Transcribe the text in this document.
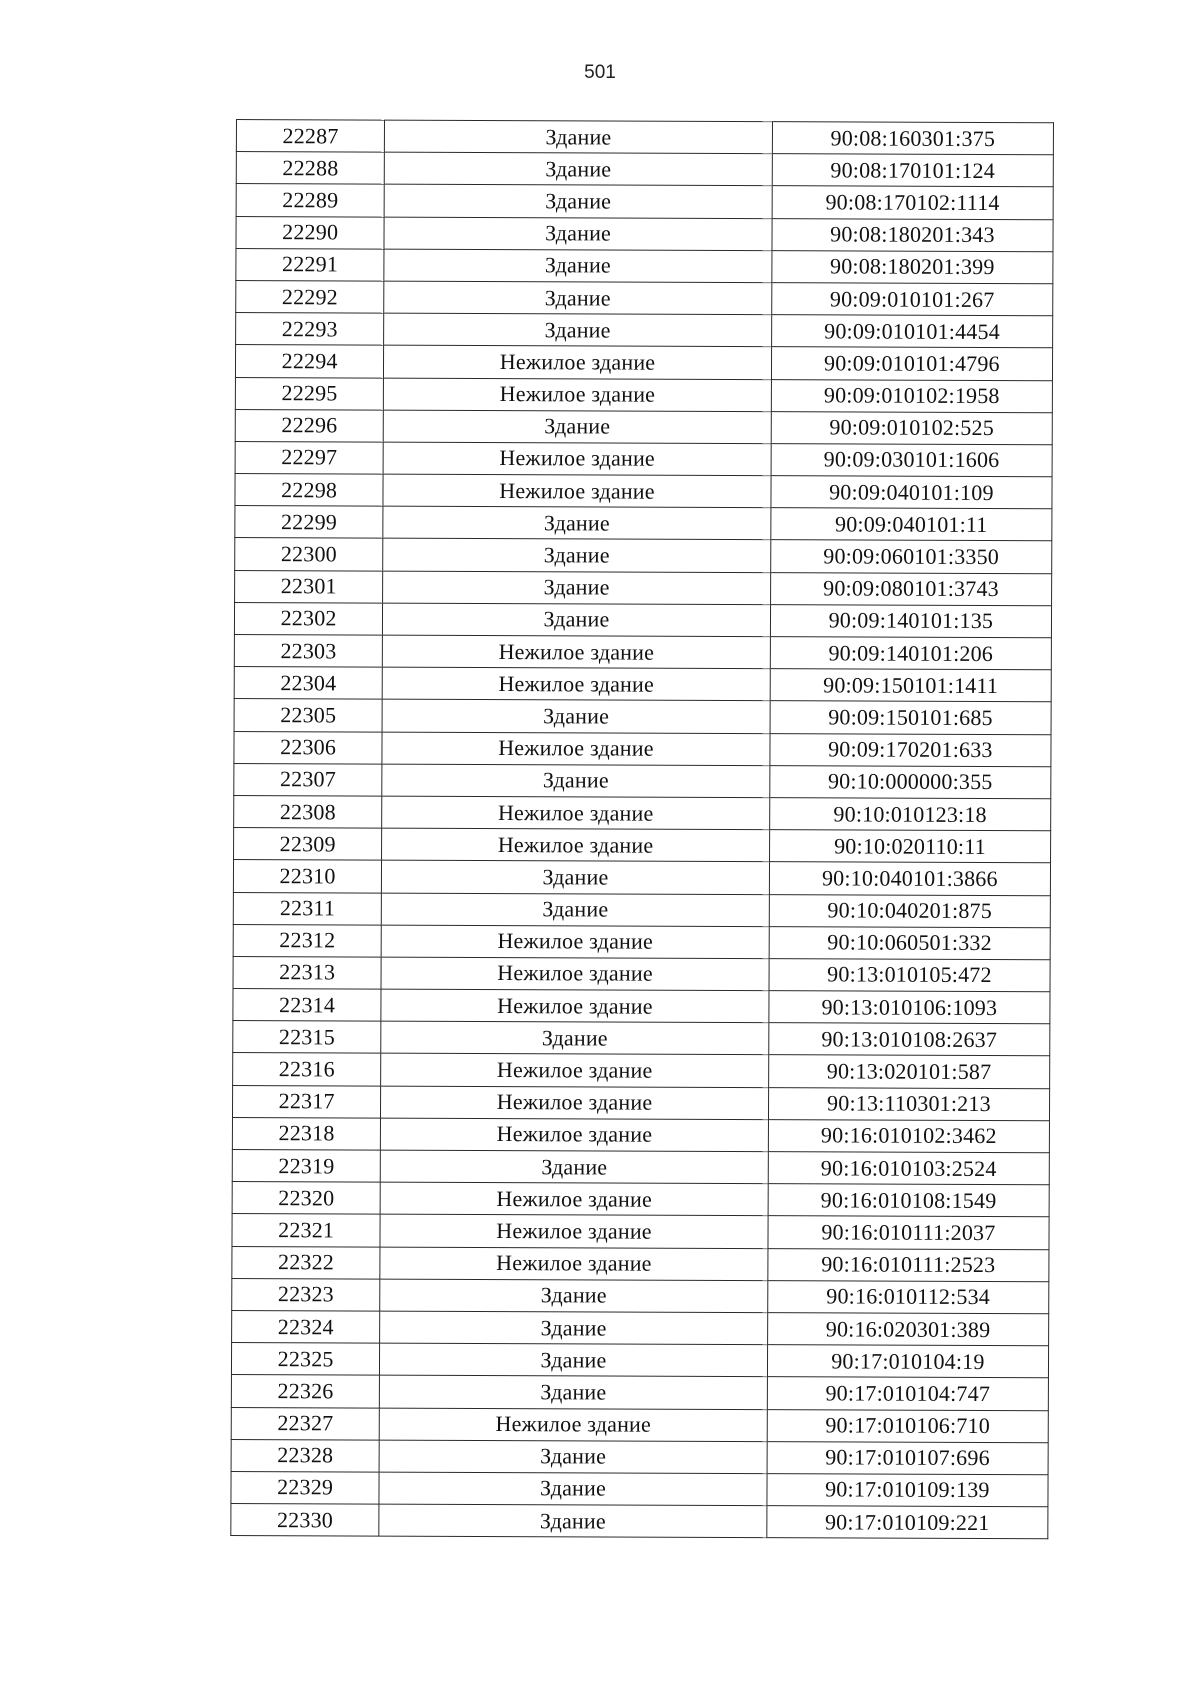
501
22287	Здание	90:08:160301:375
22288	Здание	90:08:170101:124
22289	Здание	90:08:170102:1114
22290	Здание	90:08:180201:343
22291	Здание	90:08:180201:399
22292	Здание	90:09:010101:267
22293	Здание	90:09:010101:4454
22294	Нежилое здание	90:09:010101:4796
22295	Нежилое здание	90:09:010102:1958
22296	Здание	90:09:010102:525
22297	Нежилое здание	90:09:030101:1606
22298	Нежилое здание	90:09:040101:109
22299	Здание	90:09:040101:11
22300	Здание	90:09:060101:3350
22301	Здание	90:09:080101:3743
22302	Здание	90:09:140101:135
22303	Нежилое здание	90:09:140101:206
22304	Нежилое здание	90:09:150101:1411
22305	Здание	90:09:150101:685
22306	Нежилое здание	90:09:170201:633
22307	Здание	90:10:000000:355
22308	Нежилое здание	90:10:010123:18
22309	Нежилое здание	90:10:020110:11
22310	Здание	90:10:040101:3866
22311	Здание	90:10:040201:875
22312	Нежилое здание	90:10:060501:332
22313	Нежилое здание	90:13:010105:472
22314	Нежилое здание	90:13:010106:1093
22315	Здание	90:13:010108:2637
22316	Нежилое здание	90:13:020101:587
22317	Нежилое здание	90:13:110301:213
22318	Нежилое здание	90:16:010102:3462
22319	Здание	90:16:010103:2524
22320	Нежилое здание	90:16:010108:1549
22321	Нежилое здание	90:16:010111:2037
22322	Нежилое здание	90:16:010111:2523
22323	Здание	90:16:010112:534
22324	Здание	90:16:020301:389
22325	Здание	90:17:010104:19
22326	Здание	90:17:010104:747
22327	Нежилое здание	90:17:010106:710
22328	Здание	90:17:010107:696
22329	Здание	90:17:010109:139
22330	Здание	90:17:010109:221
